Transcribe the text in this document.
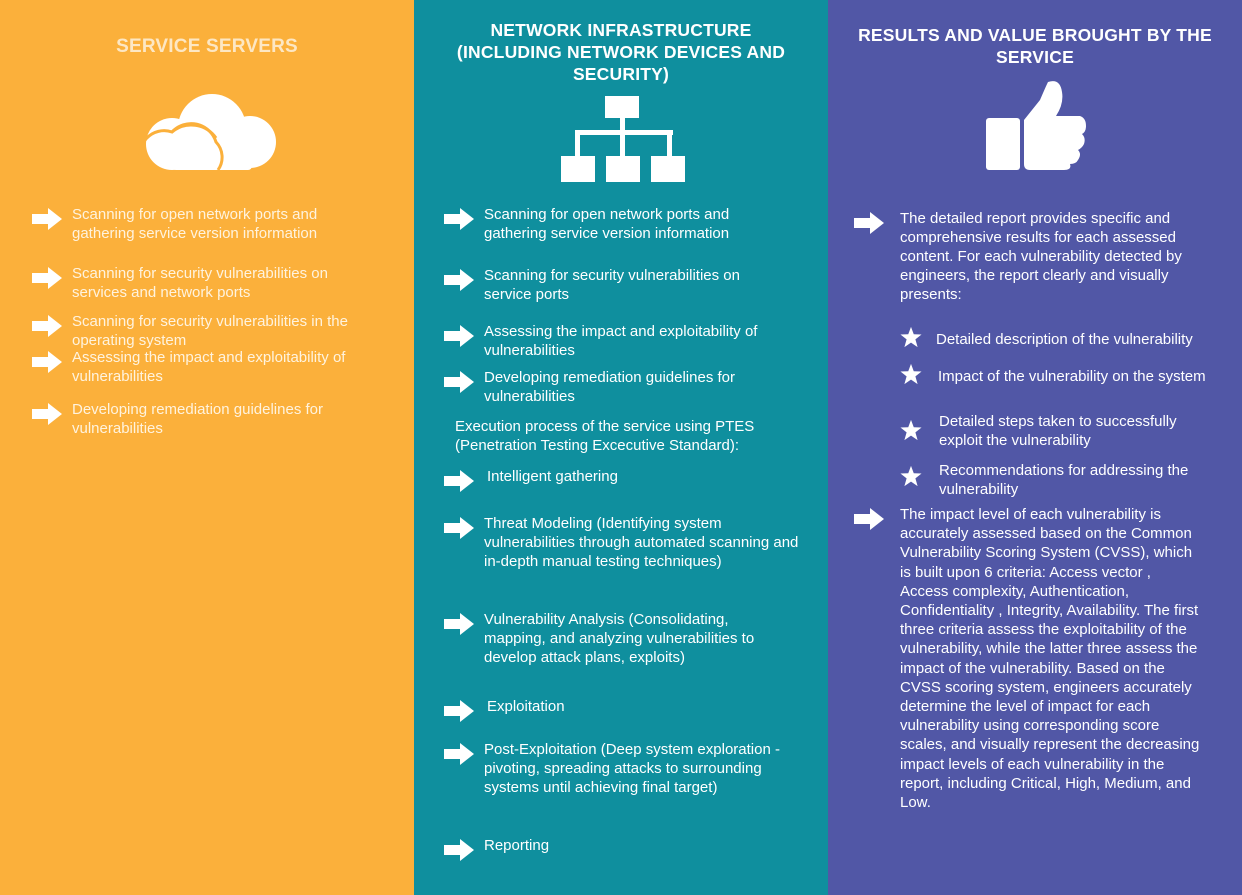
SERVICE SERVERS
NETWORK INFRASTRUCTURE (INCLUDING NETWORK DEVICES AND SECURITY)
RESULTS AND VALUE BROUGHT BY THE SERVICE
Scanning for open network ports and gathering service version information
Scanning for security vulnerabilities on services and network ports
Scanning for security vulnerabilities in the operating system
Assessing the impact and exploitability of vulnerabilities
Developing remediation guidelines for vulnerabilities
Scanning for open network ports and gathering service version information
Scanning for security vulnerabilities on service ports
Assessing the impact and exploitability of vulnerabilities
Developing remediation guidelines for vulnerabilities
Execution process of the service using PTES (Penetration Testing Excecutive Standard):
Intelligent gathering
Threat Modeling (Identifying system vulnerabilities through automated scanning and in-depth manual testing techniques)
Vulnerability Analysis (Consolidating, mapping, and analyzing vulnerabilities to develop attack plans, exploits)
Exploitation
Post-Exploitation (Deep system exploration - pivoting, spreading attacks to surrounding systems until achieving final target)
Reporting
The detailed report provides specific and comprehensive results for each assessed content. For each vulnerability detected by engineers, the report clearly and visually presents:
Detailed description of the vulnerability
Impact of the vulnerability on the system
Detailed steps taken to successfully exploit the vulnerability
Recommendations for addressing the vulnerability
The impact level of each vulnerability is accurately assessed based on the Common Vulnerability Scoring System (CVSS), which is built upon 6 criteria: Access vector , Access complexity, Authentication, Confidentiality , Integrity, Availability. The first three criteria assess the exploitability of the vulnerability, while the latter three assess the impact of the vulnerability. Based on the CVSS scoring system, engineers accurately determine the level of impact for each vulnerability using corresponding score scales, and visually represent the decreasing impact levels of each vulnerability in the report, including Critical, High, Medium, and Low.
